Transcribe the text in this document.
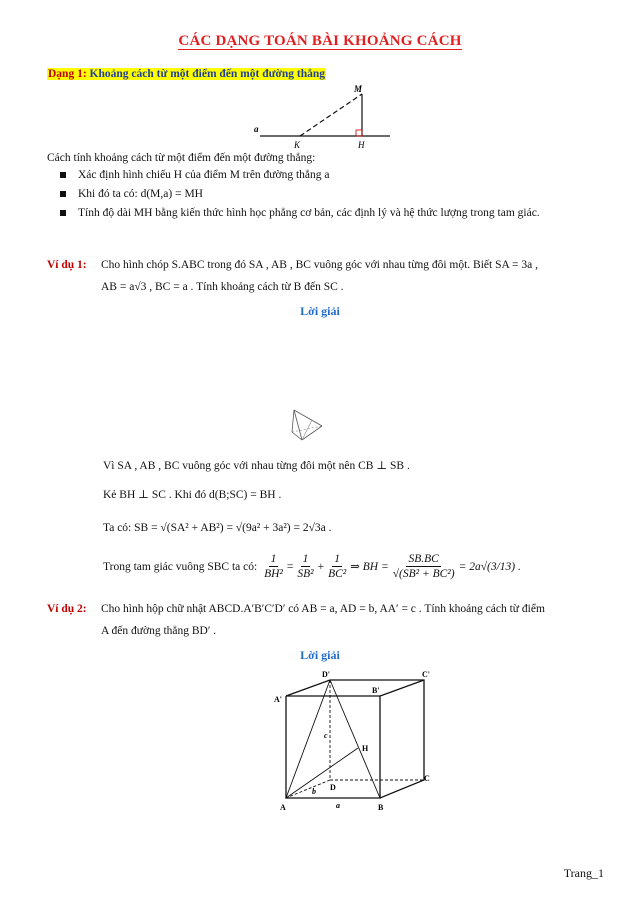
CÁC DẠNG TOÁN BÀI KHOẢNG CÁCH
Dạng 1: Khoảng cách từ một điểm đến một đường thẳng
M
a
K	H
Cách tính khoảng cách từ một điểm đến một đường thẳng:
Xác định hình chiếu H của điểm M trên đường thẳng a
Khi đó ta có: d(M,a) = MH
Tính độ dài MH bằng kiến thức hình học phẳng cơ bản, các định lý và hệ thức lượng trong tam giác.
Ví dụ 1:	Cho hình chóp S.ABC trong đó SA , AB , BC vuông góc với nhau từng đôi một. Biết SA = 3a ,
AB = a√3 , BC = a . Tính khoảng cách từ B đến SC .
Lời giải
Vì SA , AB , BC vuông góc với nhau từng đôi một nên CB ⊥ SB .
Kẻ BH ⊥ SC . Khi đó d(B;SC) = BH .
Ta có: SB = √(SA² + AB²) = √(9a² + 3a²) = 2√3a .
Trong tam giác vuông SBC ta có:
$\frac{1}{\text{BH²}} = \frac{1}{\text{SB²}} + \frac{1}{\text{BC²}}$ ⇒ BH = $\frac{SB.BC}{\text{√(SB² + BC²)}} = 2a√(3/13)$ .
Ví dụ 2:	Cho hình hộp chữ nhật ABCD.A′B′C′D′ có AB = a, AD = b, AA′ = c . Tính khoảng cách từ điểm
A đến đường thẳng BD′ .
Lời giải
D'
B'
C'
A'
c
H
D
b
C
A	a	B
Trang_1
